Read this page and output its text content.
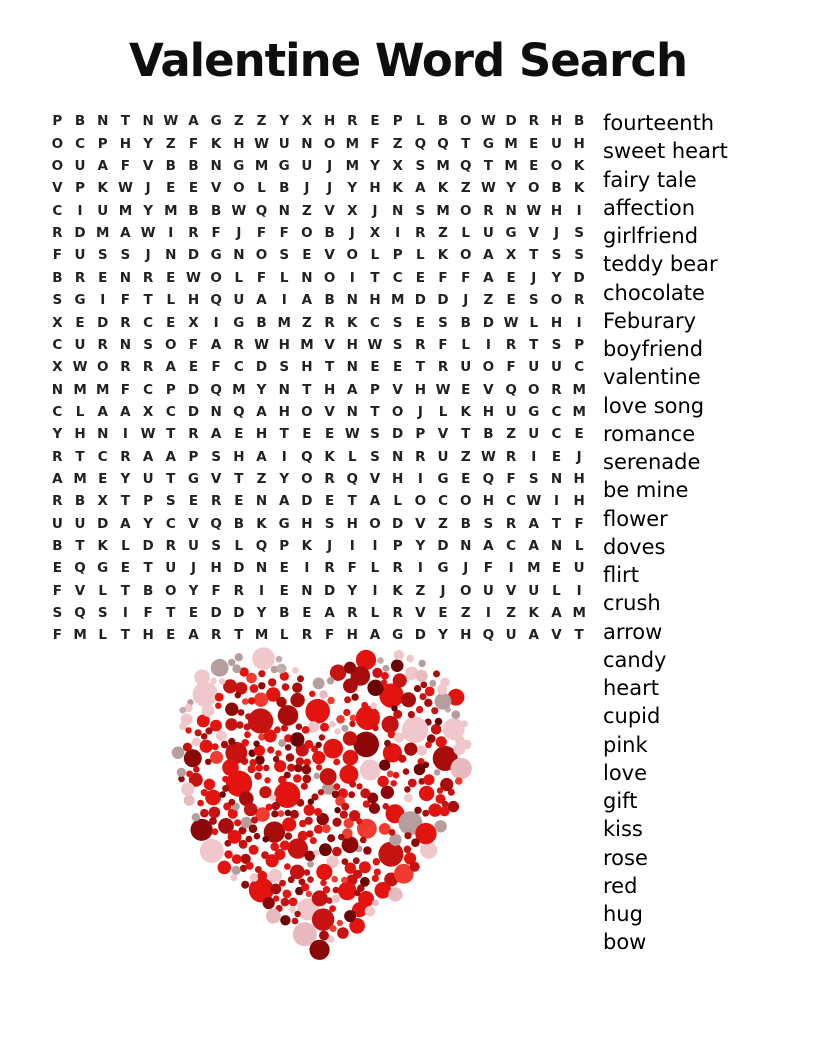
Valentine Word Search
P B N T N W A G Z Z Y X H R E P L B O W D R H B
O C P H Y Z F K H W U N O M F Z Q Q T G M E U H
O U A F V B B N G M G U	J M Y X S M Q T M E O K
V P K W J	E E V O L B	J	J	Y H K A K Z W Y O B K
C	I	U M Y M B B W Q N Z V X	J	N S M O R N W H	I
R D M A W I	R F	J	F F O B	J	X	I	R Z L U G V	J	S
F U S S	J	N D G N O S E V O L P L K O A X T S S
B R E N R E W O L	F	L N O	I	T C E F F A E	J	Y D
S G	I	F T	L H Q U A	I	A B N H M D D	J	Z E S O R
X E D R C E X	I	G B M Z R K C S E S B D W L H	I
C U R N S O F A R W H M V H W S R F	L	I	R T S P
X W O R R A E F C D S H T N E E T R U O F U U C
N M M F C P D Q M Y N T H A P V H W E V Q O R M
C L A A X C D N Q A H O V N T O	J	L K H U G C M
Y H N	I W T R A E H T E E W S D P V T B Z U C E
R T C R A A P S H A	I	Q K L	S N R U Z W R	I	E	J
A M E Y U T G V T Z Y O R Q V H	I	G E Q F S N H
R B X T P S E R E N A D E T A L O C O H C W I	H
U U D A Y C V Q B K G H S H O D V Z B S R A T F
B T K L D R U S	L Q P K	J	I	I	P Y D N A C A N L
E Q G E T U	J	H D N E	I	R F	L R	I	G	J	F	I M E U
F V L	T B O Y F R	I	E N D Y	I	K Z	J	O U V U L	I
S Q S	I	F T E D D Y B E A R L R V E Z	I	Z K A M
F M L	T H E A R T M L R F H A G D Y H Q U A V T
fourteenth
sweet heart
fairy tale
affection
girlfriend
teddy bear
chocolate
Feburary
boyfriend
valentine
love song
romance
serenade
be mine
flower
doves
flirt
crush
arrow
candy
heart
cupid
pink
love
gift
kiss
rose
red
hug
bow
